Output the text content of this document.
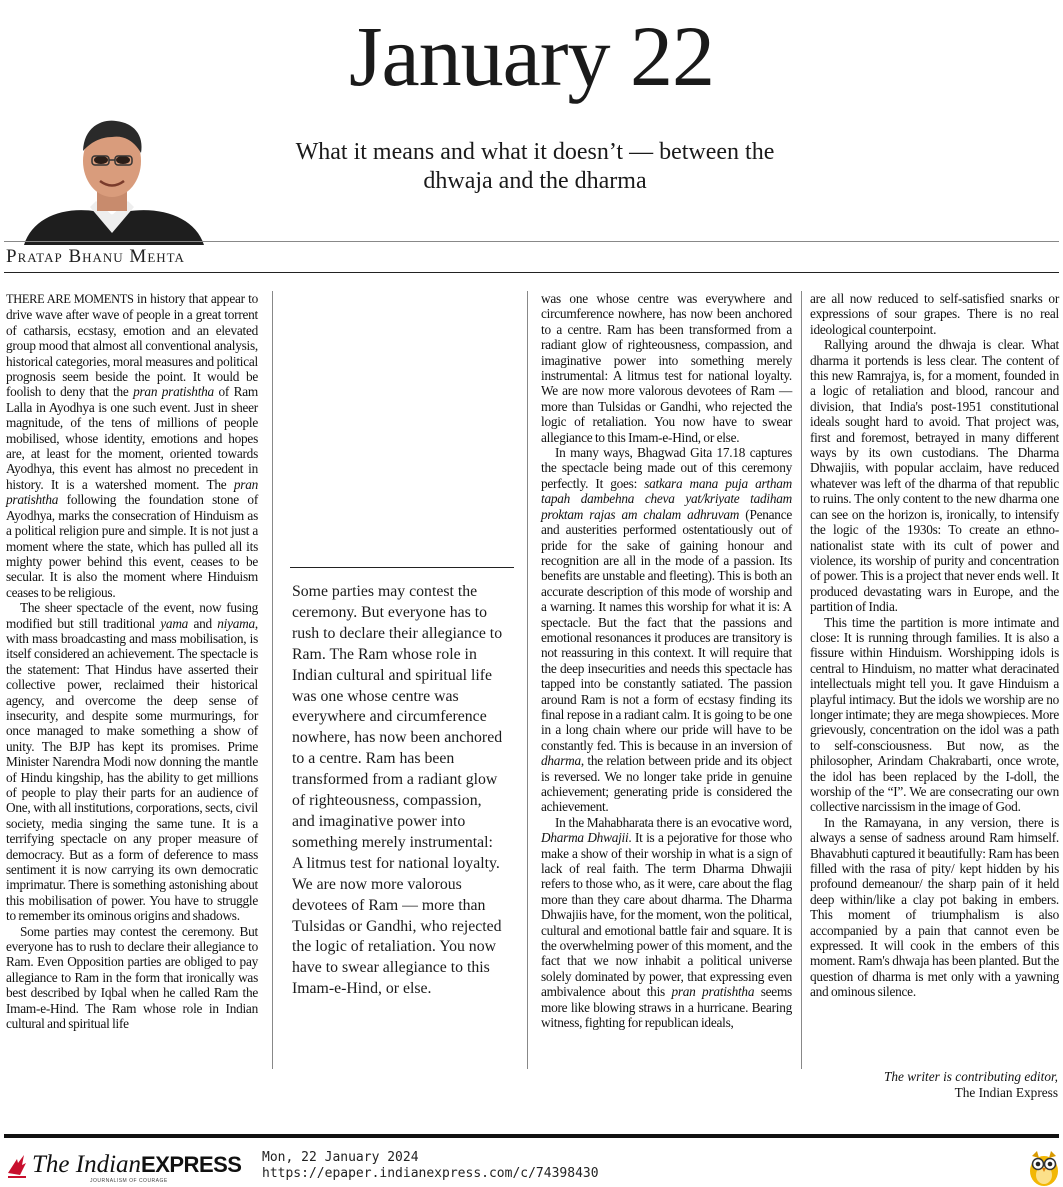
January 22
What it means and what it doesn’t — between the dhwaja and the dharma
Pratap Bhanu Mehta

THERE ARE MOMENTS in history that appear to drive wave after wave of people in a great torrent of catharsis, ecstasy, emotion and an elevated group mood that almost all conventional analysis, historical categories, moral measures and political prognosis seem beside the point. It would be foolish to deny that the pran pratishtha of Ram Lalla in Ayodhya is one such event. Just in sheer magnitude, of the tens of millions of people mobilised, whose identity, emotions and hopes are, at least for the moment, oriented towards Ayodhya, this event has almost no precedent in history. It is a watershed moment. The pran pratishtha following the foundation stone of Ayodhya, marks the consecration of Hinduism as a political religion pure and simple. It is not just a moment where the state, which has pulled all its mighty power behind this event, ceases to be secular. It is also the moment where Hinduism ceases to be religious.

The sheer spectacle of the event, now fusing modified but still traditional yama and niyama, with mass broadcasting and mass mobilisation, is itself considered an achievement. The spectacle is the statement: That Hindus have asserted their collective power, reclaimed their historical agency, and overcome the deep sense of insecurity, and despite some murmurings, for once managed to make something a show of unity. The BJP has kept its promises. Prime Minister Narendra Modi now donning the mantle of Hindu kingship, has the ability to get millions of people to play their parts for an audience of One, with all institutions, corporations, sects, civil society, media singing the same tune. It is a terrifying spectacle on any proper measure of democracy. But as a form of deference to mass sentiment it is now carrying its own democratic imprimatur. There is something astonishing about this mobilisation of power. You have to struggle to remember its ominous origins and shadows.

Some parties may contest the ceremony. But everyone has to rush to declare their allegiance to Ram. Even Opposition parties are obliged to pay allegiance to Ram in the form that ironically was best described by Iqbal when he called Ram the Imam-e-Hind. The Ram whose role in Indian cultural and spiritual life

Some parties may contest the ceremony. But everyone has to rush to declare their allegiance to Ram. The Ram whose role in Indian cultural and spiritual life was one whose centre was everywhere and circumference nowhere, has now been anchored to a centre. Ram has been transformed from a radiant glow of righteousness, compassion, and imaginative power into something merely instrumental: A litmus test for national loyalty. We are now more valorous devotees of Ram — more than Tulsidas or Gandhi, who rejected the logic of retaliation. You now have to swear allegiance to this Imam-e-Hind, or else.

was one whose centre was everywhere and circumference nowhere, has now been anchored to a centre. Ram has been transformed from a radiant glow of righteousness, compassion, and imaginative power into something merely instrumental: A litmus test for national loyalty. We are now more valorous devotees of Ram — more than Tulsidas or Gandhi, who rejected the logic of retaliation. You now have to swear allegiance to this Imam-e-Hind, or else.

In many ways, Bhagwad Gita 17.18 captures the spectacle being made out of this ceremony perfectly. It goes: satkara mana puja artham tapah dambehna cheva yat/kriyate tadiham proktam rajas am chalam adhruvam (Penance and austerities performed ostentatiously out of pride for the sake of gaining honour and recognition are all in the mode of a passion. Its benefits are unstable and fleeting). This is both an accurate description of this mode of worship and a warning. It names this worship for what it is: A spectacle. But the fact that the passions and emotional resonances it produces are transitory is not reassuring in this context. It will require that the deep insecurities and needs this spectacle has tapped into be constantly satiated. The passion around Ram is not a form of ecstasy finding its final repose in a radiant calm. It is going to be one in a long chain where our pride will have to be constantly fed. This is because in an inversion of dharma, the relation between pride and its object is reversed. We no longer take pride in genuine achievement; generating pride is considered the achievement.

In the Mahabharata there is an evocative word, Dharma Dhwajii. It is a pejorative for those who make a show of their worship in what is a sign of lack of real faith. The term Dharma Dhwajii refers to those who, as it were, care about the flag more than they care about dharma. The Dharma Dhwajiis have, for the moment, won the political, cultural and emotional battle fair and square. It is the overwhelming power of this moment, and the fact that we now inhabit a political universe solely dominated by power, that expressing even ambivalence about this pran pratishtha seems more like blowing straws in a hurricane. Bearing witness, fighting for republican ideals,

are all now reduced to self-satisfied snarks or expressions of sour grapes. There is no real ideological counterpoint.

Rallying around the dhwaja is clear. What dharma it portends is less clear. The content of this new Ramrajya, is, for a moment, founded in a logic of retaliation and blood, rancour and division, that India's post-1951 constitutional ideals sought hard to avoid. That project was, first and foremost, betrayed in many different ways by its own custodians. The Dharma Dhwajiis, with popular acclaim, have reduced whatever was left of the dharma of that republic to ruins. The only content to the new dharma one can see on the horizon is, ironically, to intensify the logic of the 1930s: To create an ethno-nationalist state with its cult of power and violence, its worship of purity and concentration of power. This is a project that never ends well. It produced devastating wars in Europe, and the partition of India.

This time the partition is more intimate and close: It is running through families. It is also a fissure within Hinduism. Worshipping idols is central to Hinduism, no matter what deracinated intellectuals might tell you. It gave Hinduism a playful intimacy. But the idols we worship are no longer intimate; they are mega showpieces. More grievously, concentration on the idol was a path to self-consciousness. But now, as the philosopher, Arindam Chakrabarti, once wrote, the idol has been replaced by the I-doll, the worship of the “I”. We are consecrating our own collective narcissism in the image of God.

In the Ramayana, in any version, there is always a sense of sadness around Ram himself. Bhavabhuti captured it beautifully: Ram has been filled with the rasa of pity/ kept hidden by his profound demeanour/ the sharp pain of it held deep within/like a clay pot baking in embers. This moment of triumphalism is also accompanied by a pain that cannot even be expressed. It will cook in the embers of this moment. Ram's dhwaja has been planted. But the question of dharma is met only with a yawning and ominous silence.

The writer is contributing editor,
The Indian Express
The IndianEXPRESS
JOURNALISM OF COURAGE
Mon, 22 January 2024
https://epaper.indianexpress.com/c/74398430
